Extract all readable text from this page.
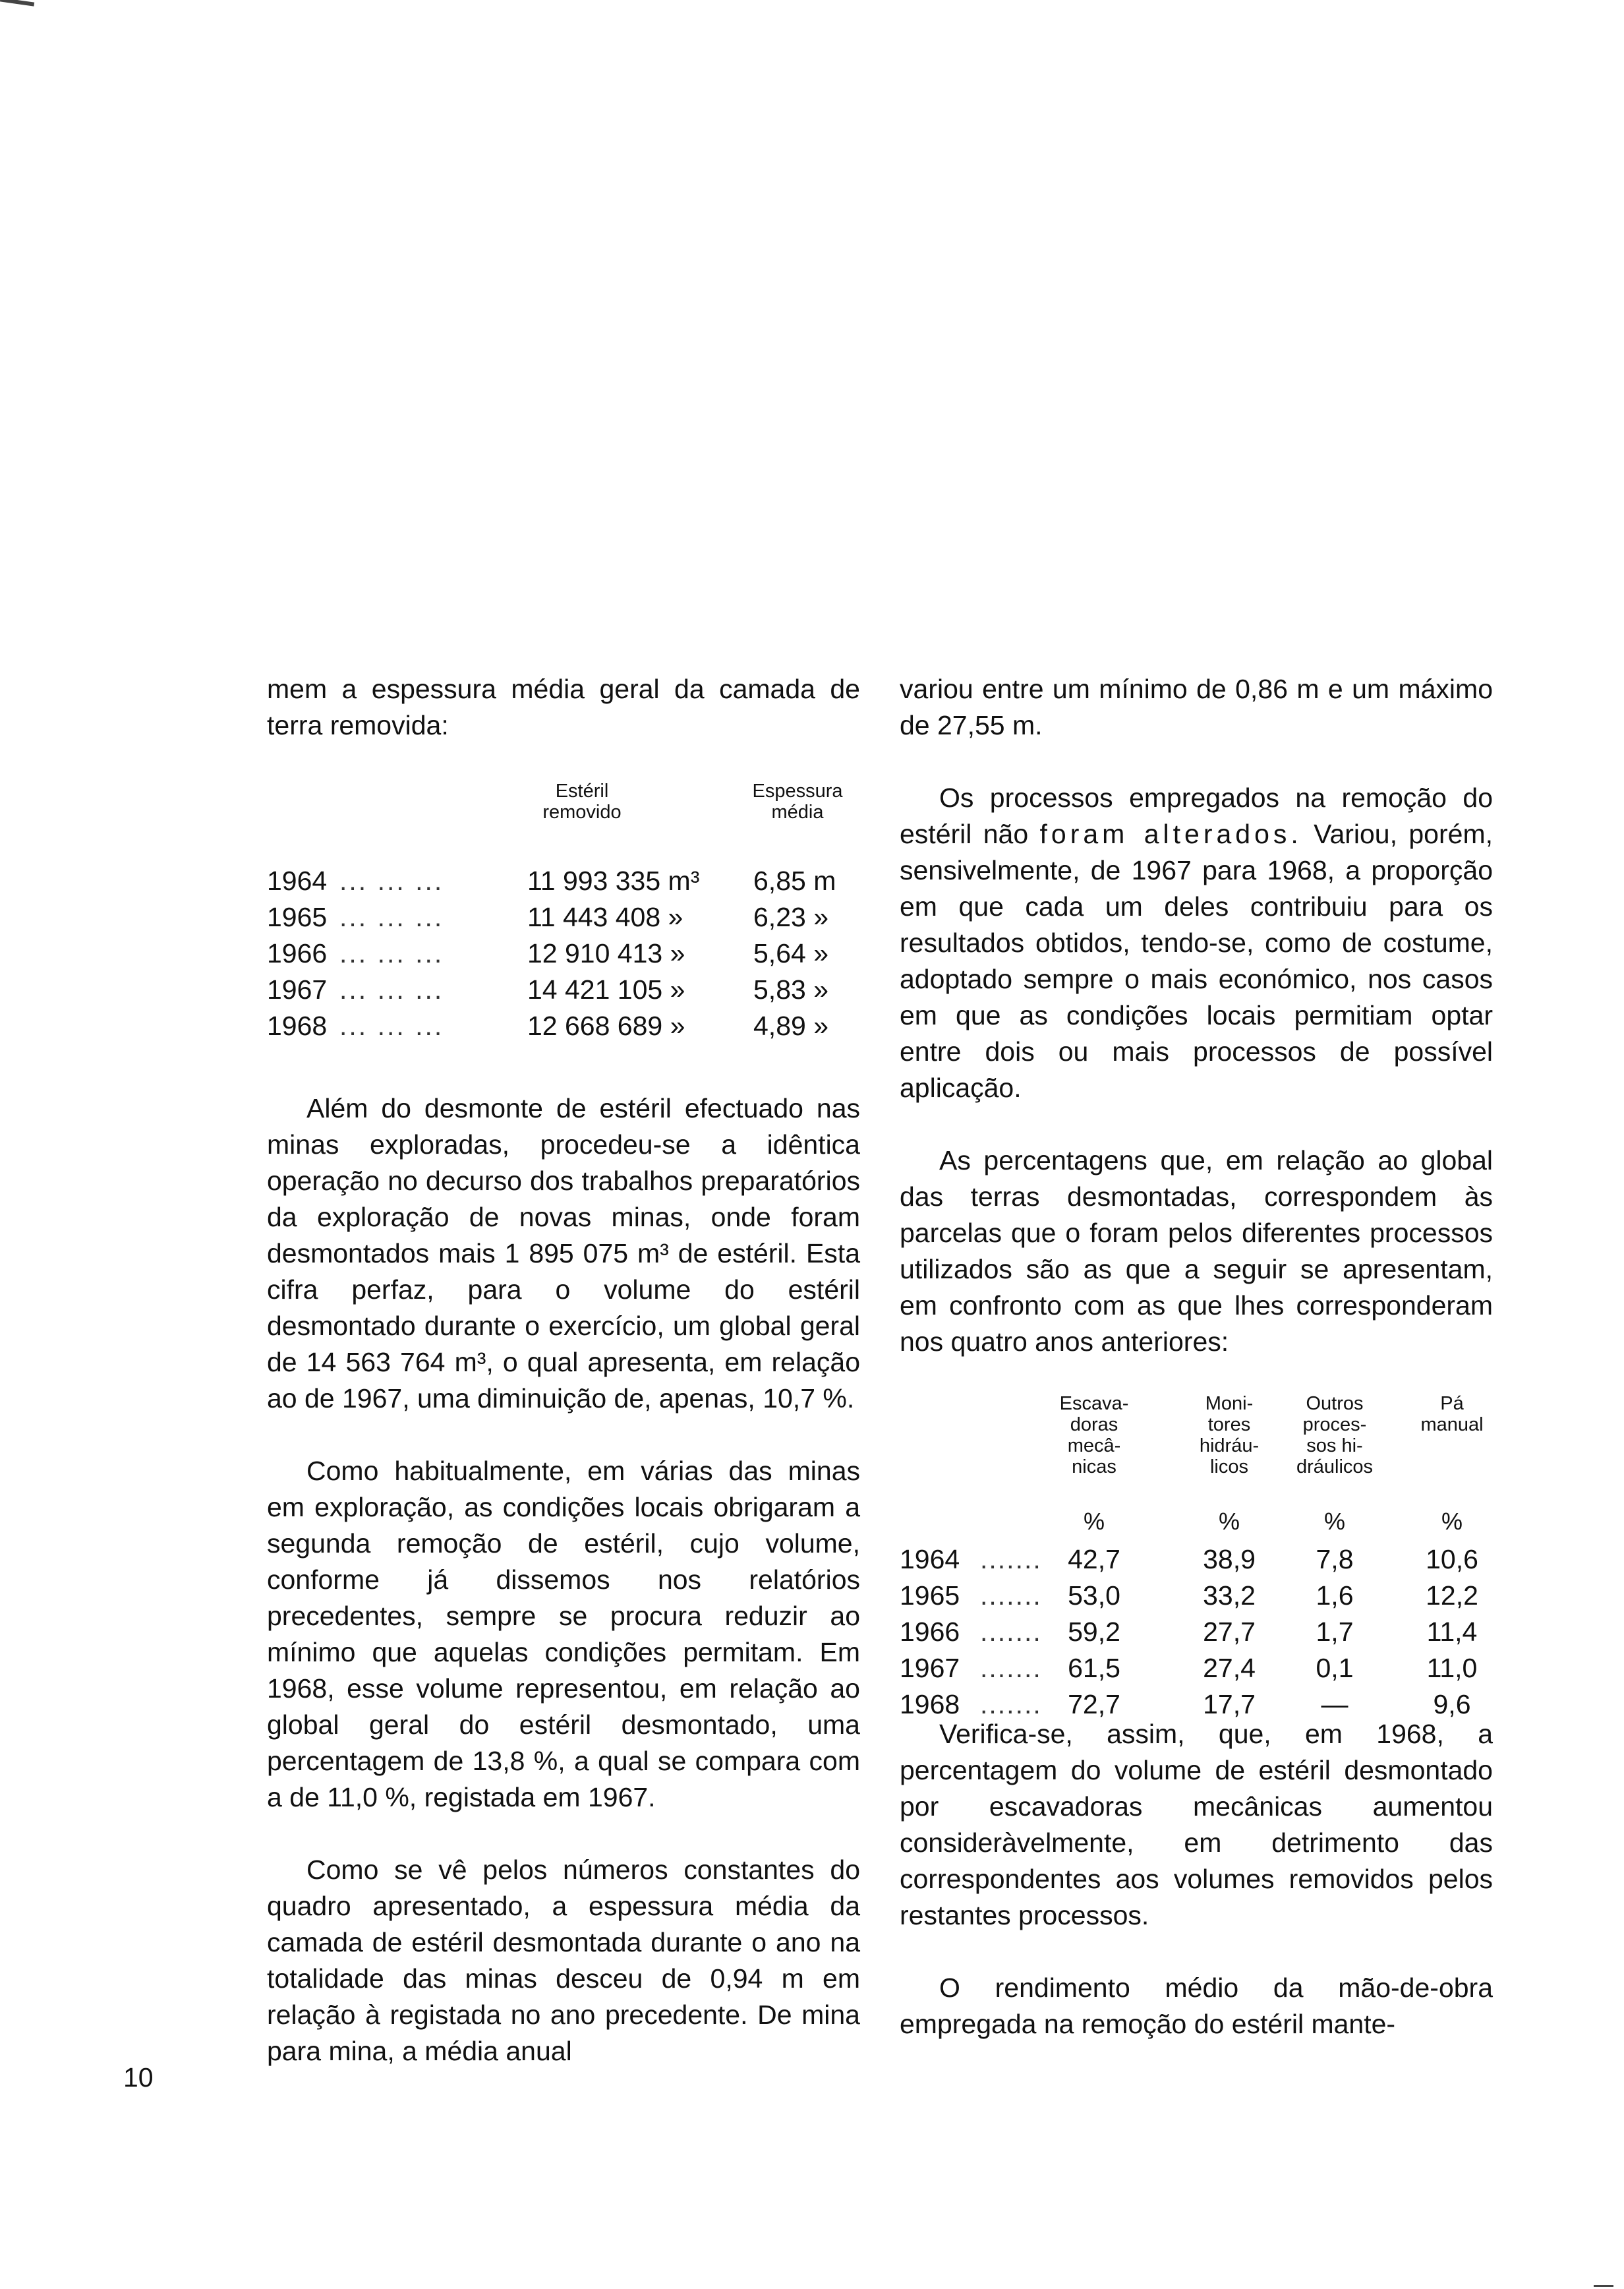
mem a espessura média geral da camada de terra removida:

Estéril removido
Espessura média
1964 ... ... ...	11 993 335 m³ 6,85 m
1965 ... ... ...	11 443 408 »	6,23 »
1966 ... ... ...	12 910 413 »	5,64 »
1967 ... ... ...	14 421 105 »	5,83 »
1968 ... ... ...	12 668 689 »	4,89 »

Além do desmonte de estéril efectuado nas minas exploradas, procedeu-se a idêntica operação no decurso dos trabalhos preparatórios da exploração de novas minas, onde foram desmontados mais 1 895 075 m³ de estéril. Esta cifra perfaz, para o volume do estéril desmontado durante o exercício, um global geral de 14 563 764 m³, o qual apresenta, em relação ao de 1967, uma diminuição de, apenas, 10,7 %.

Como habitualmente, em várias das minas em exploração, as condições locais obrigaram a segunda remoção de estéril, cujo volume, conforme já dissemos nos relatórios precedentes, sempre se procura reduzir ao mínimo que aquelas condições permitam. Em 1968, esse volume representou, em relação ao global geral do estéril desmontado, uma percentagem de 13,8 %, a qual se compara com a de 11,0 %, registada em 1967.

Como se vê pelos números constantes do quadro apresentado, a espessura média da camada de estéril desmontada durante o ano na totalidade das minas desceu de 0,94 m em relação à registada no ano precedente. De mina para mina, a média anual

variou entre um mínimo de 0,86 m e um máximo de 27,55 m.

Os processos empregados na remoção do estéril não foram alterados. Variou, porém, sensivelmente, de 1967 para 1968, a proporção em que cada um deles contribuiu para os resultados obtidos, tendo-se, como de costume, adoptado sempre o mais económico, nos casos em que as condições locais permitiam optar entre dois ou mais processos de possível aplicação.

As percentagens que, em relação ao global das terras desmontadas, correspondem às parcelas que o foram pelos diferentes processos utilizados são as que a seguir se apresentam, em confronto com as que lhes corresponderam nos quatro anos anteriores:

Escava-
doras
mecâ-
nicas
Moni-
tores
hidráu-
licos
Outros
proces-
sos hi-
dráulicos
Pá
manual
%	%	%	%
1964 ....... 42,7	38,9	7,8	10,6
1965 ....... 53,0	33,2	1,6	12,2
1966 ....... 59,2	27,7	1,7	11,4
1967 ....... 61,5	27,4	0,1	11,0
1968 ....... 72,7	17,7	—	9,6

Verifica-se, assim, que, em 1968, a percentagem do volume de estéril desmontado por escavadoras mecânicas aumentou consideràvelmente, em detrimento das correspondentes aos volumes removidos pelos restantes processos.

O rendimento médio da mão-de-obra empregada na remoção do estéril mante-

10
